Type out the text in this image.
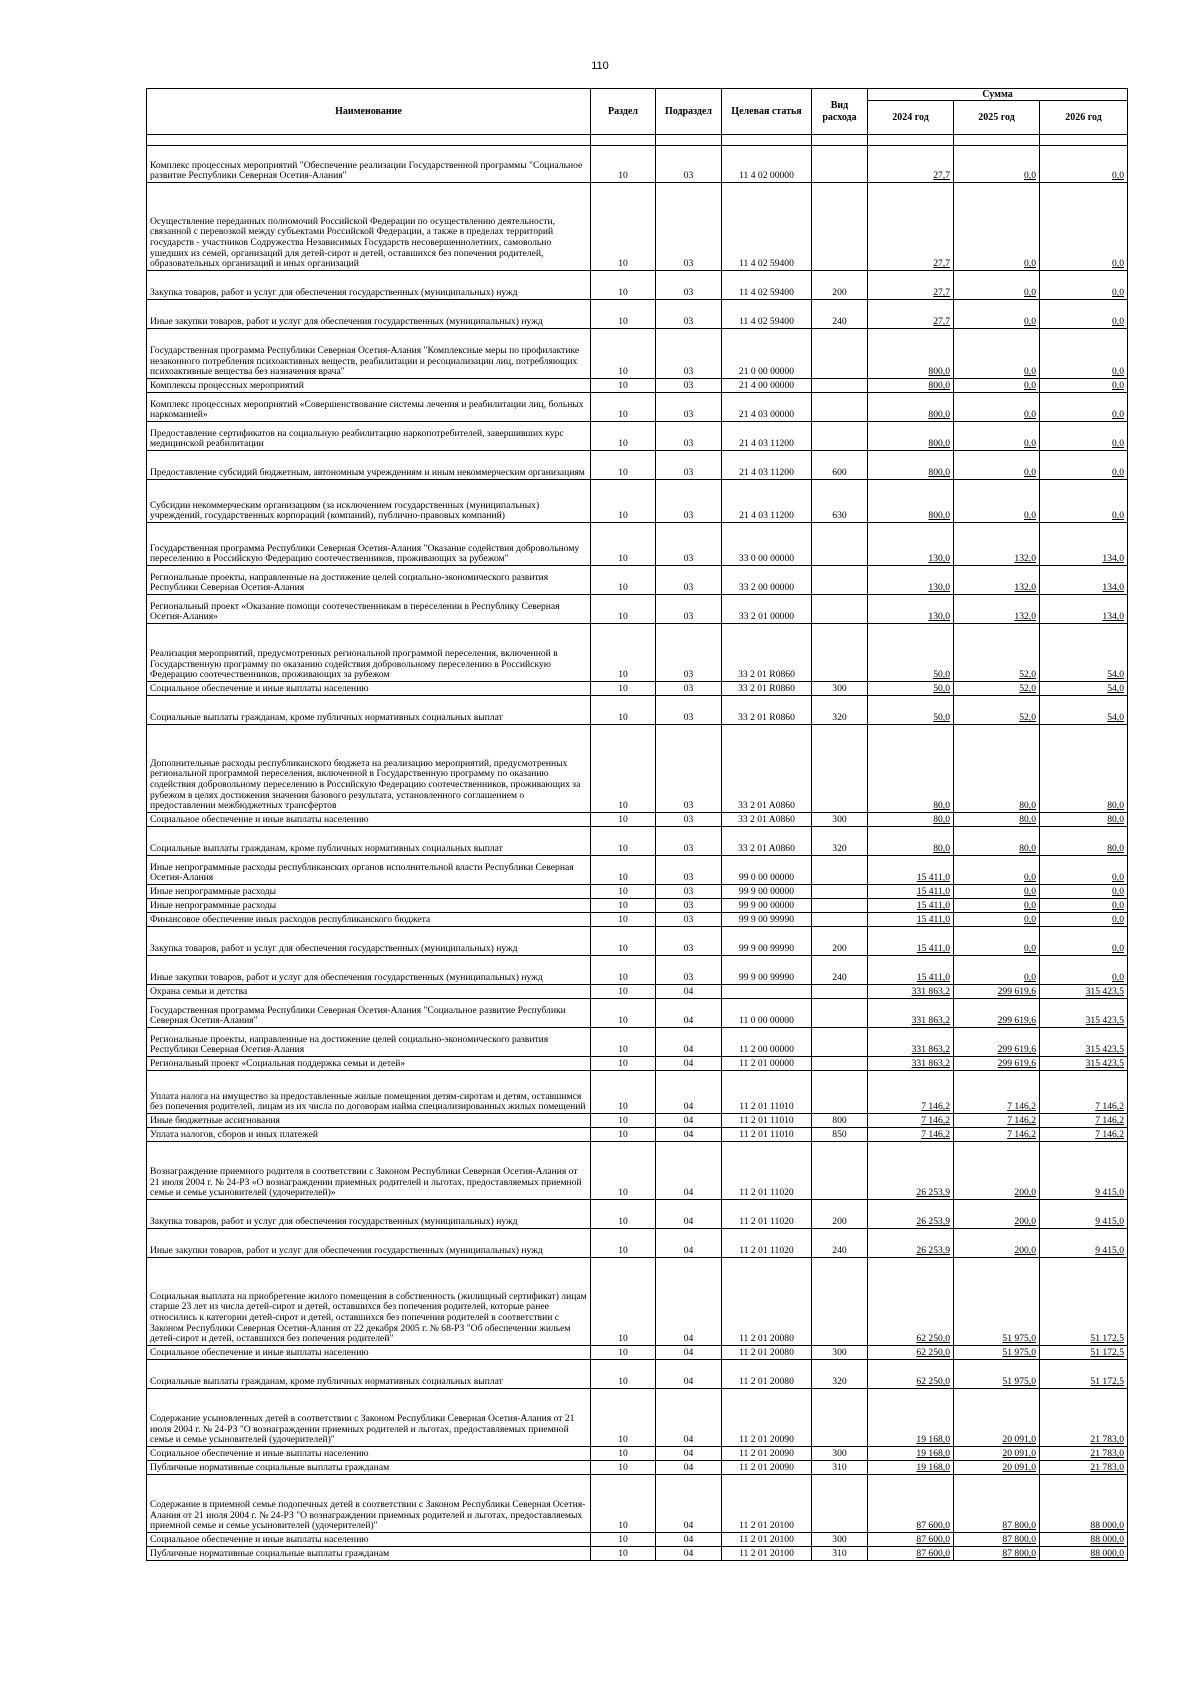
110
Наименование	Раздел	Подраздел	Целевая статья	Вид расхода	Сумма		
					2024 год	2025 год	2026 год

Комплекс процессных мероприятий "Обеспечение реализации Государственной программы "Социальное развитие Республики Северная Осетия-Алания"	10	03	11 4 02 00000		27,7	0,0	0,0
Осуществление переданных полномочий Российской Федерации по осуществлению деятельности, связанной с перевозкой между субъектами Российской Федерации, а также в пределах территорий государств - участников Содружества Независимых Государств несовершеннолетних, самовольно ушедших из семей, организаций для детей-сирот и детей, оставшихся без попечения родителей, образовательных организаций и иных организаций	10	03	11 4 02 59400		27,7	0,0	0,0
Закупка товаров, работ и услуг для обеспечения государственных (муниципальных) нужд	10	03	11 4 02 59400	200	27,7	0,0	0,0
Иные закупки товаров, работ и услуг для обеспечения государственных (муниципальных) нужд	10	03	11 4 02 59400	240	27,7	0,0	0,0
Государственная программа Республики Северная Осетия-Алания "Комплексные меры по профилактике незаконного потребления психоактивных веществ, реабилитации и ресоциализации лиц, потребляющих психоактивные вещества без назначения врача"	10	03	21 0 00 00000		800,0	0,0	0,0
Комплексы процессных мероприятий	10	03	21 4 00 00000		800,0	0,0	0,0
Комплекс процессных мероприятий «Совершенствование системы лечения и реабилитации лиц, больных наркоманией»	10	03	21 4 03 00000		800,0	0,0	0,0
Предоставление сертификатов на социальную реабилитацию наркопотребителей, завершивших курс медицинской реабилитации	10	03	21 4 03 11200		800,0	0,0	0,0
Предоставление субсидий бюджетным, автономным учреждениям и иным некоммерческим организациям	10	03	21 4 03 11200	600	800,0	0,0	0,0
Субсидии некоммерческим организациям (за исключением государственных (муниципальных) учреждений, государственных корпораций (компаний), публично-правовых компаний)	10	03	21 4 03 11200	630	800,0	0,0	0,0
Государственная программа Республики Северная Осетия-Алания "Оказание содействия добровольному переселению в Российскую Федерацию соотечественников, проживающих за рубежом"	10	03	33 0 00 00000		130,0	132,0	134,0
Региональные проекты, направленные на достижение целей социально-экономического развития Республики Северная Осетия-Алания	10	03	33 2 00 00000		130,0	132,0	134,0
Региональный проект «Оказание помощи соотечественникам в переселении в Республику Северная Осетия-Алания»	10	03	33 2 01 00000		130,0	132,0	134,0
Реализация мероприятий, предусмотренных региональной программой переселения, включенной в Государственную программу по оказанию содействия добровольному переселению в Российскую Федерацию соотечественников, проживающих за рубежом	10	03	33 2 01 R0860		50,0	52,0	54,0
Социальное обеспечение и иные выплаты населению	10	03	33 2 01 R0860	300	50,0	52,0	54,0
Социальные выплаты гражданам, кроме публичных нормативных социальных выплат	10	03	33 2 01 R0860	320	50,0	52,0	54,0
Дополнительные расходы республиканского бюджета на реализацию мероприятий, предусмотренных региональной программой переселения, включенной в Государственную программу по оказанию содействия добровольному переселению в Российскую Федерацию соотечественников, проживающих за рубежом в целях достижения значения базового результата, установленного соглашением о предоставлении межбюджетных трансфертов	10	03	33 2 01 A0860		80,0	80,0	80,0
Социальное обеспечение и иные выплаты населению	10	03	33 2 01 A0860	300	80,0	80,0	80,0
Социальные выплаты гражданам, кроме публичных нормативных социальных выплат	10	03	33 2 01 A0860	320	80,0	80,0	80,0
Иные непрограммные расходы республиканских органов исполнительной власти Республики Северная Осетия-Алания	10	03	99 0 00 00000		15 411,0	0,0	0,0
Иные непрограммные расходы	10	03	99 9 00 00000		15 411,0	0,0	0,0
Иные непрограммные расходы	10	03	99 9 00 00000		15 411,0	0,0	0,0
Финансовое обеспечение иных расходов республиканского бюджета	10	03	99 9 00 99990		15 411,0	0,0	0,0
Закупка товаров, работ и услуг для обеспечения государственных (муниципальных) нужд	10	03	99 9 00 99990	200	15 411,0	0,0	0,0
Иные закупки товаров, работ и услуг для обеспечения государственных (муниципальных) нужд	10	03	99 9 00 99990	240	15 411,0	0,0	0,0
Охрана семьи и детства	10	04			331 863,2	299 619,6	315 423,5
Государственная программа Республики Северная Осетия-Алания "Социальное развитие Республики Северная Осетия-Алания"	10	04	11 0 00 00000		331 863,2	299 619,6	315 423,5
Региональные проекты, направленные на достижение целей социально-экономического развития Республики Северная Осетия-Алания	10	04	11 2 00 00000		331 863,2	299 619,6	315 423,5
Региональный проект «Социальная поддержка семьи и детей»	10	04	11 2 01 00000		331 863,2	299 619,6	315 423,5
Уплата налога на имущество за предоставленные жилые помещения детям-сиротам и детям, оставшимся без попечения родителей, лицам из их числа по договорам найма специализированных жилых помещений	10	04	11 2 01 11010		7 146,2	7 146,2	7 146,2
Иные бюджетные ассигнования	10	04	11 2 01 11010	800	7 146,2	7 146,2	7 146,2
Уплата налогов, сборов и иных платежей	10	04	11 2 01 11010	850	7 146,2	7 146,2	7 146,2
Вознаграждение приемного родителя в соответствии с Законом Республики Северная Осетия-Алания от 21 июля 2004 г. № 24-РЗ «О вознаграждении приемных родителей и льготах, предоставляемых приемной семье и семье усыновителей (удочерителей)»	10	04	11 2 01 11020		26 253,9	200,0	9 415,0
Закупка товаров, работ и услуг для обеспечения государственных (муниципальных) нужд	10	04	11 2 01 11020	200	26 253,9	200,0	9 415,0
Иные закупки товаров, работ и услуг для обеспечения государственных (муниципальных) нужд	10	04	11 2 01 11020	240	26 253,9	200,0	9 415,0
Социальная выплата на приобретение жилого помещения в собственность (жилищный сертификат) лицам старше 23 лет из числа детей-сирот и детей, оставшихся без попечения родителей, которые ранее относились к категории детей-сирот и детей, оставшихся без попечения родителей в соответствии с Законом Республики Северная Осетия-Алания от 22 декабря 2005 г. № 68-РЗ "Об обеспечении жильем детей-сирот и детей, оставшихся без попечения родителей"	10	04	11 2 01 20080		62 250,0	51 975,0	51 172,5
Социальное обеспечение и иные выплаты населению	10	04	11 2 01 20080	300	62 250,0	51 975,0	51 172,5
Социальные выплаты гражданам, кроме публичных нормативных социальных выплат	10	04	11 2 01 20080	320	62 250,0	51 975,0	51 172,5
Содержание усыновленных детей в соответствии с Законом Республики Северная Осетия-Алания от 21 июля 2004 г. № 24-РЗ "О вознаграждении приемных родителей и льготах, предоставляемых приемной семье и семье усыновителей (удочерителей)"	10	04	11 2 01 20090		19 168,0	20 091,0	21 783,0
Социальное обеспечение и иные выплаты населению	10	04	11 2 01 20090	300	19 168,0	20 091,0	21 783,0
Публичные нормативные социальные выплаты гражданам	10	04	11 2 01 20090	310	19 168,0	20 091,0	21 783,0
Содержание в приемной семье подопечных детей в соответствии с Законом Республики Северная Осетия-Алания от 21 июля 2004 г. № 24-РЗ "О вознаграждении приемных родителей и льготах, предоставляемых приемной семье и семье усыновителей (удочерителей)"	10	04	11 2 01 20100		87 600,0	87 800,0	88 000,0
Социальное обеспечение и иные выплаты населению	10	04	11 2 01 20100	300	87 600,0	87 800,0	88 000,0
Публичные нормативные социальные выплаты гражданам	10	04	11 2 01 20100	310	87 600,0	87 800,0	88 000,0
